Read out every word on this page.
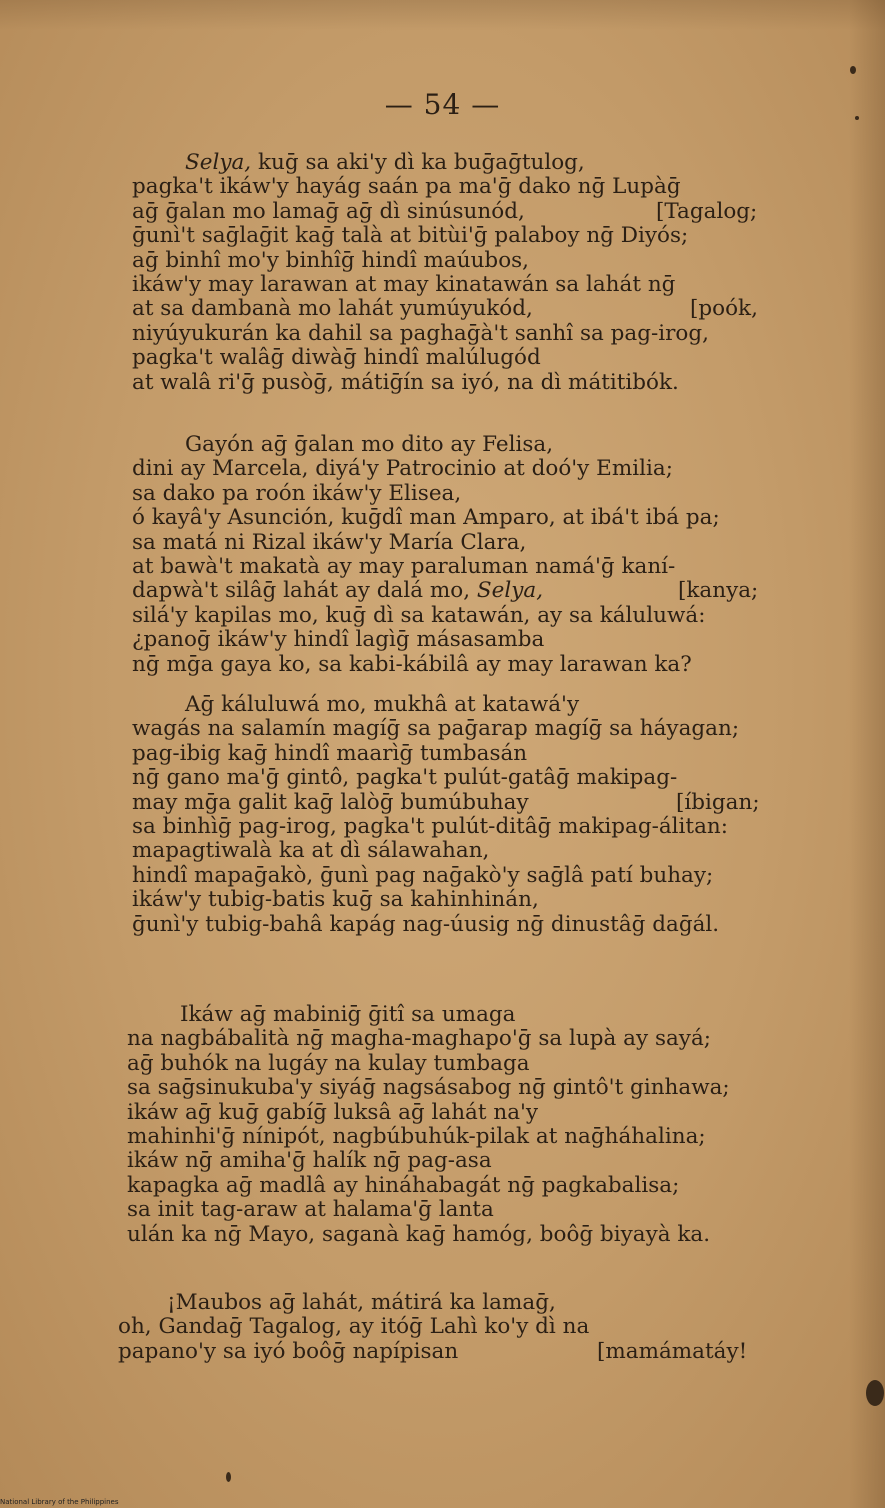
— 54 —
Selya, kuḡ sa aki'y dì ka buḡaḡtulog,
pagka't ikáw'y hayág saán pa ma'ḡ dako nḡ Lupàḡ
aḡ ḡalan mo lamaḡ aḡ dì sinúsunód,	[Tagalog;
ḡunì't saḡlaḡit kaḡ talà at bitùi'ḡ palaboy nḡ Diyós;
aḡ binhî mo'y binhîḡ hindî maúubos,
ikáw'y may larawan at may kinatawán sa lahát nḡ
at sa dambanà mo lahát yumúyukód,	[poók,
niyúyukurán ka dahil sa paghaḡà't sanhî sa pag-irog,
pagka't walâḡ diwàḡ hindî malúlugód
at walâ ri'ḡ pusòḡ, mátiḡín sa iyó, na dì mátitibók.
Gayón aḡ ḡalan mo dito ay Felisa,
dini ay Marcela, diyá'y Patrocinio at doó'y Emilia;
sa dako pa roón ikáw'y Elisea,
ó kayâ'y Asunción, kuḡdî man Amparo, at ibá't ibá pa;
sa matá ni Rizal ikáw'y María Clara,
at bawà't makatà ay may paraluman namá'ḡ kaní-
dapwà't silâḡ lahát ay dalá mo, Selya,	[kanya;
silá'y kapilas mo, kuḡ dì sa katawán, ay sa káluluwá:
¿panoḡ ikáw'y hindî lagìḡ másasamba
nḡ mḡa gaya ko, sa kabi-kábilâ ay may larawan ka?
Aḡ káluluwá mo, mukhâ at katawá'y
wagás na salamín magíḡ sa paḡarap magíḡ sa háyagan;
pag-ibig kaḡ hindî maarìḡ tumbasán
nḡ gano ma'ḡ gintô, pagka't pulút-gatâḡ makipag-
may mḡa galit kaḡ lalòḡ bumúbuhay	[íbigan;
sa binhìḡ pag-irog, pagka't pulút-ditâḡ makipag-álitan:
mapagtiwalà ka at dì sálawahan,
hindî mapaḡakò, ḡunì pag naḡakò'y saḡlâ patí buhay;
ikáw'y tubig-batis kuḡ sa kahinhinán,
ḡunì'y tubig-bahâ kapág nag-úusig nḡ dinustâḡ daḡál.
Ikáw aḡ mabiniḡ ḡitî sa umaga
na nagbábalità nḡ magha-maghapo'ḡ sa lupà ay sayá;
aḡ buhók na lugáy na kulay tumbaga
sa saḡsinukuba'y siyáḡ nagsásabog nḡ gintô't ginhawa;
ikáw aḡ kuḡ gabíḡ luksâ aḡ lahát na'y
mahinhi'ḡ nínipót, nagbúbuhúk-pilak at naḡháhalina;
ikáw nḡ amiha'ḡ halík nḡ pag-asa
kapagka aḡ madlâ ay hináhabagát nḡ pagkabalisa;
sa init tag-araw at halama'ḡ lanta
ulán ka nḡ Mayo, saganà kaḡ hamóg, boôḡ biyayà ka.
¡Maubos aḡ lahát, mátirá ka lamaḡ,
oh, Gandaḡ Tagalog, ay itóḡ Lahì ko'y dì na
papano'y sa iyó boôḡ napípisan	[mamámatáy!
National Library of the Philippines
